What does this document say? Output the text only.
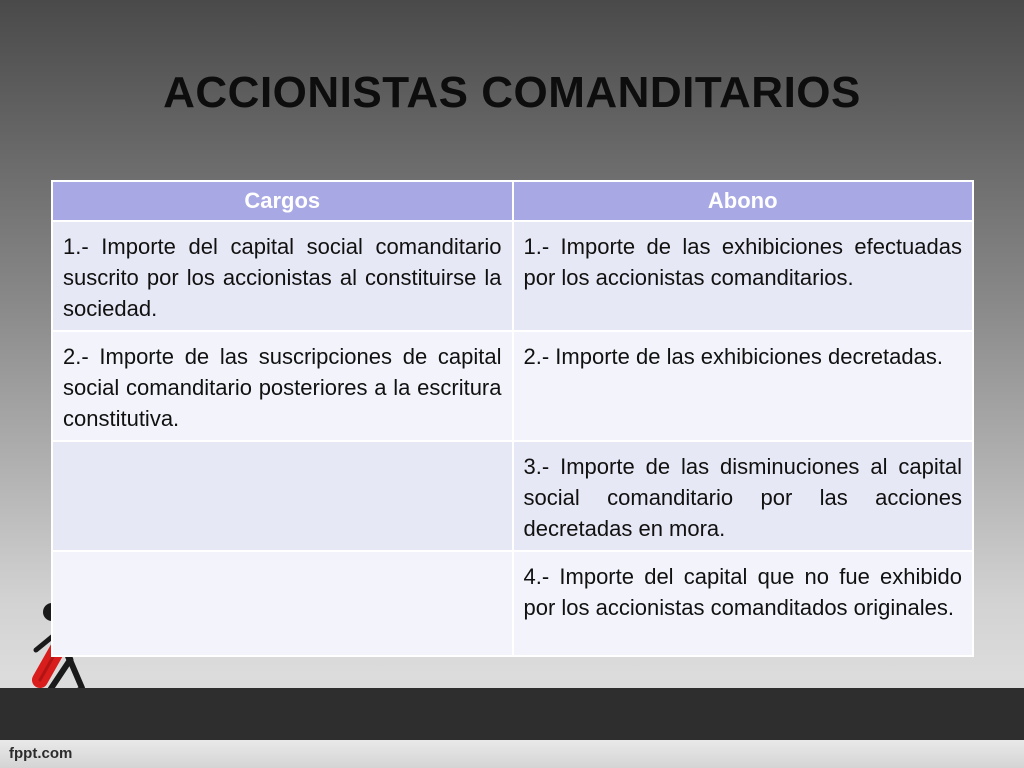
ACCIONISTAS COMANDITARIOS
fppt.com
Cargos	Abono
1.- Importe del capital social comanditario suscrito por los accionistas al constituirse la sociedad.	1.- Importe de las exhibiciones efectuadas por los accionistas comanditarios.
2.- Importe de las suscripciones de capital social comanditario posteriores a la escritura constitutiva.	2.- Importe de las exhibiciones decretadas.
	3.- Importe de las disminuciones al capital social comanditario por las acciones decretadas en mora.
	4.- Importe del capital que no fue exhibido por los accionistas comanditados originales.
